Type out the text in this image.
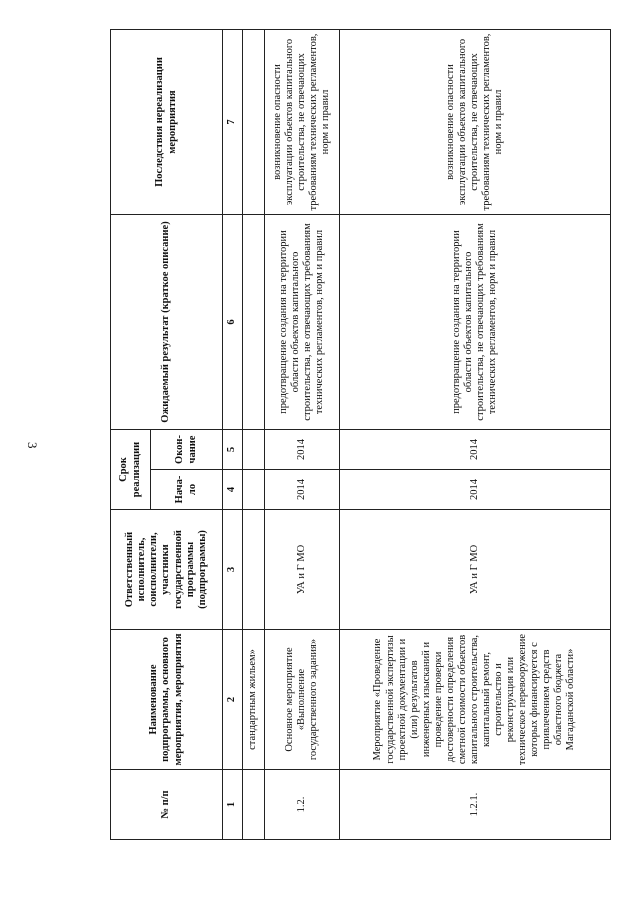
3
№ п/п	Наименование подпрограммы, основного мероприятия, мероприятия	Ответственный исполнитель, соисполнители, участники государственной программы (подпрограммы)	Срок реализации		Ожидаемый результат (краткое описание)	Последствия нереализации мероприятия
			Нача- ло	Окон- чание		
1	2	3	4	5	6	7
	стандартным жильем»					
1.2.	Основное мероприятие «Выполнение государственного задания»	УА и Г МО	2014	2014	предотвращение создания на территории области объектов капитального строительства, не отвечающих требованиям технических регламентов, норм и правил	возникновение опасности эксплуатации объектов капитального строительства, не отвечающих требованиям технических регламентов, норм и правил
1.2.1.	Мероприятие «Проведение государственной экспертизы проектной документации и (или) результатов инженерных изысканий и проведение проверки достоверности определения сметной стоимости объектов капитального строительства, капитальный ремонт, строительство и реконструкция или техническое перевооружение которых финансируется с привлечением средств областного бюджета Магаданской области»	УА и Г МО	2014	2014	предотвращение создания на территории области объектов капитального строительства, не отвечающих требованиям технических регламентов, норм и правил	возникновение опасности эксплуатации объектов капитального строительства, не отвечающих требованиям технических регламентов, норм и правил
